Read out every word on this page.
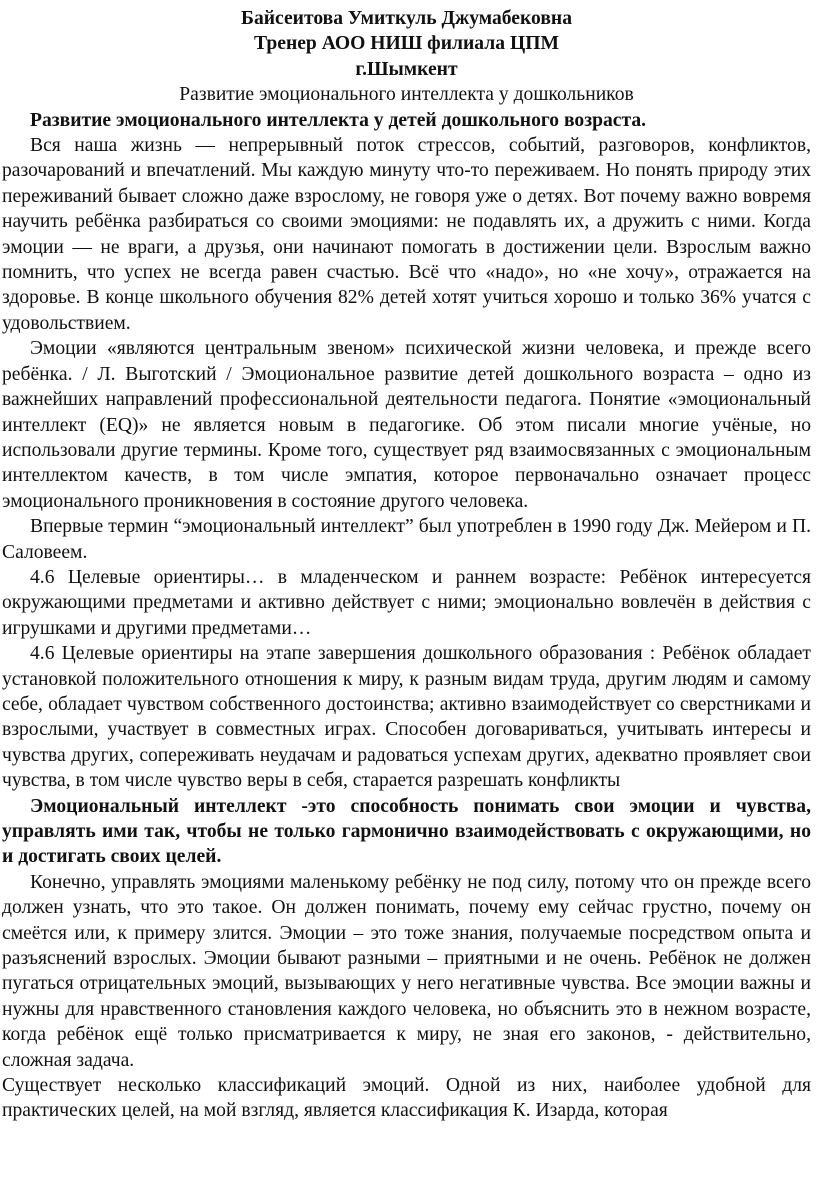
Байсеитова Умиткуль Джумабековна

Тренер АОО НИШ филиала ЦПМ

г.Шымкент

Развитие эмоционального интеллекта у дошкольников

Развитие эмоционального интеллекта у детей дошкольного возраста.

Вся наша жизнь — непрерывный поток стрессов, событий, разговоров, конфликтов, разочарований и впечатлений. Мы каждую минуту что-то переживаем. Но понять природу этих переживаний бывает сложно даже взрослому, не говоря уже о детях. Вот почему важно вовремя научить ребёнка разбираться со своими эмоциями: не подавлять их, а дружить с ними. Когда эмоции — не враги, а друзья, они начинают помогать в достижении цели. Взрослым важно помнить, что успех не всегда равен счастью. Всё что «надо», но «не хочу», отражается на здоровье. В конце школьного обучения 82% детей хотят учиться хорошо и только 36% учатся с удовольствием.

Эмоции «являются центральным звеном» психической жизни человека, и прежде всего ребёнка. / Л. Выготский / Эмоциональное развитие детей дошкольного возраста – одно из важнейших направлений профессиональной деятельности педагога. Понятие «эмоциональный интеллект (EQ)» не является новым в педагогике. Об этом писали многие учёные, но использовали другие термины. Кроме того, существует ряд взаимосвязанных с эмоциональным интеллектом качеств, в том числе эмпатия, которое первоначально означает процесс эмоционального проникновения в состояние другого человека.

Впервые термин “эмоциональный интеллект” был употреблен в 1990 году Дж. Мейером и П. Саловеем.

4.6 Целевые ориентиры… в младенческом и раннем возрасте: Ребёнок интересуется окружающими предметами и активно действует с ними; эмоционально вовлечён в действия с игрушками и другими предметами…

4.6 Целевые ориентиры на этапе завершения дошкольного образования : Ребёнок обладает установкой положительного отношения к миру, к разным видам труда, другим людям и самому себе, обладает чувством собственного достоинства; активно взаимодействует со сверстниками и взрослыми, участвует в совместных играх. Способен договариваться, учитывать интересы и чувства других, сопереживать неудачам и радоваться успехам других, адекватно проявляет свои чувства, в том числе чувство веры в себя, старается разрешать конфликты

Эмоциональный интеллект -это способность понимать свои эмоции и чувства, управлять ими так, чтобы не только гармонично взаимодействовать с окружающими, но и достигать своих целей.

Конечно, управлять эмоциями маленькому ребёнку не под силу, потому что он прежде всего должен узнать, что это такое. Он должен понимать, почему ему сейчас грустно, почему он смеётся или, к примеру злится. Эмоции – это тоже знания, получаемые посредством опыта и разъяснений взрослых. Эмоции бывают разными – приятными и не очень. Ребёнок не должен пугаться отрицательных эмоций, вызывающих у него негативные чувства. Все эмоции важны и нужны для нравственного становления каждого человека, но объяснить это в нежном возрасте, когда ребёнок ещё только присматривается к миру, не зная его законов, - действительно, сложная задача.

Существует несколько классификаций эмоций. Одной из них, наиболее удобной для практических целей, на мой взгляд, является классификация К. Изарда, которая
